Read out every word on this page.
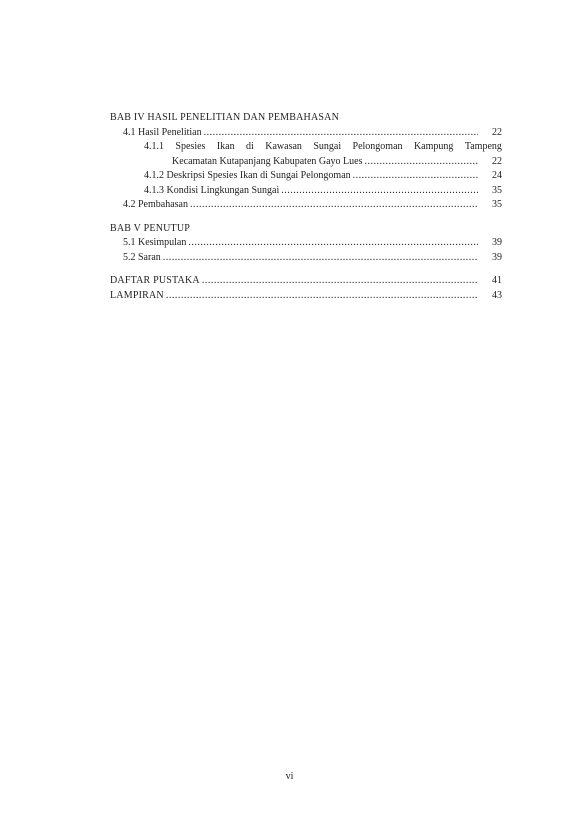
BAB IV HASIL PENELITIAN DAN PEMBAHASAN
4.1 Hasil Penelitian .....	22
4.1.1 Spesies Ikan di Kawasan Sungai Pelongoman Kampung Tampeng
Kecamatan Kutapanjang Kabupaten Gayo Lues .....	22
4.1.2 Deskripsi Spesies Ikan di Sungai Pelongoman .....	24
4.1.3 Kondisi Lingkungan Sungai .....	35
4.2 Pembahasan .....	35
BAB V PENUTUP
5.1 Kesimpulan .....	39
5.2 Saran .....	39
DAFTAR PUSTAKA .....	41
LAMPIRAN .....	43
vi
